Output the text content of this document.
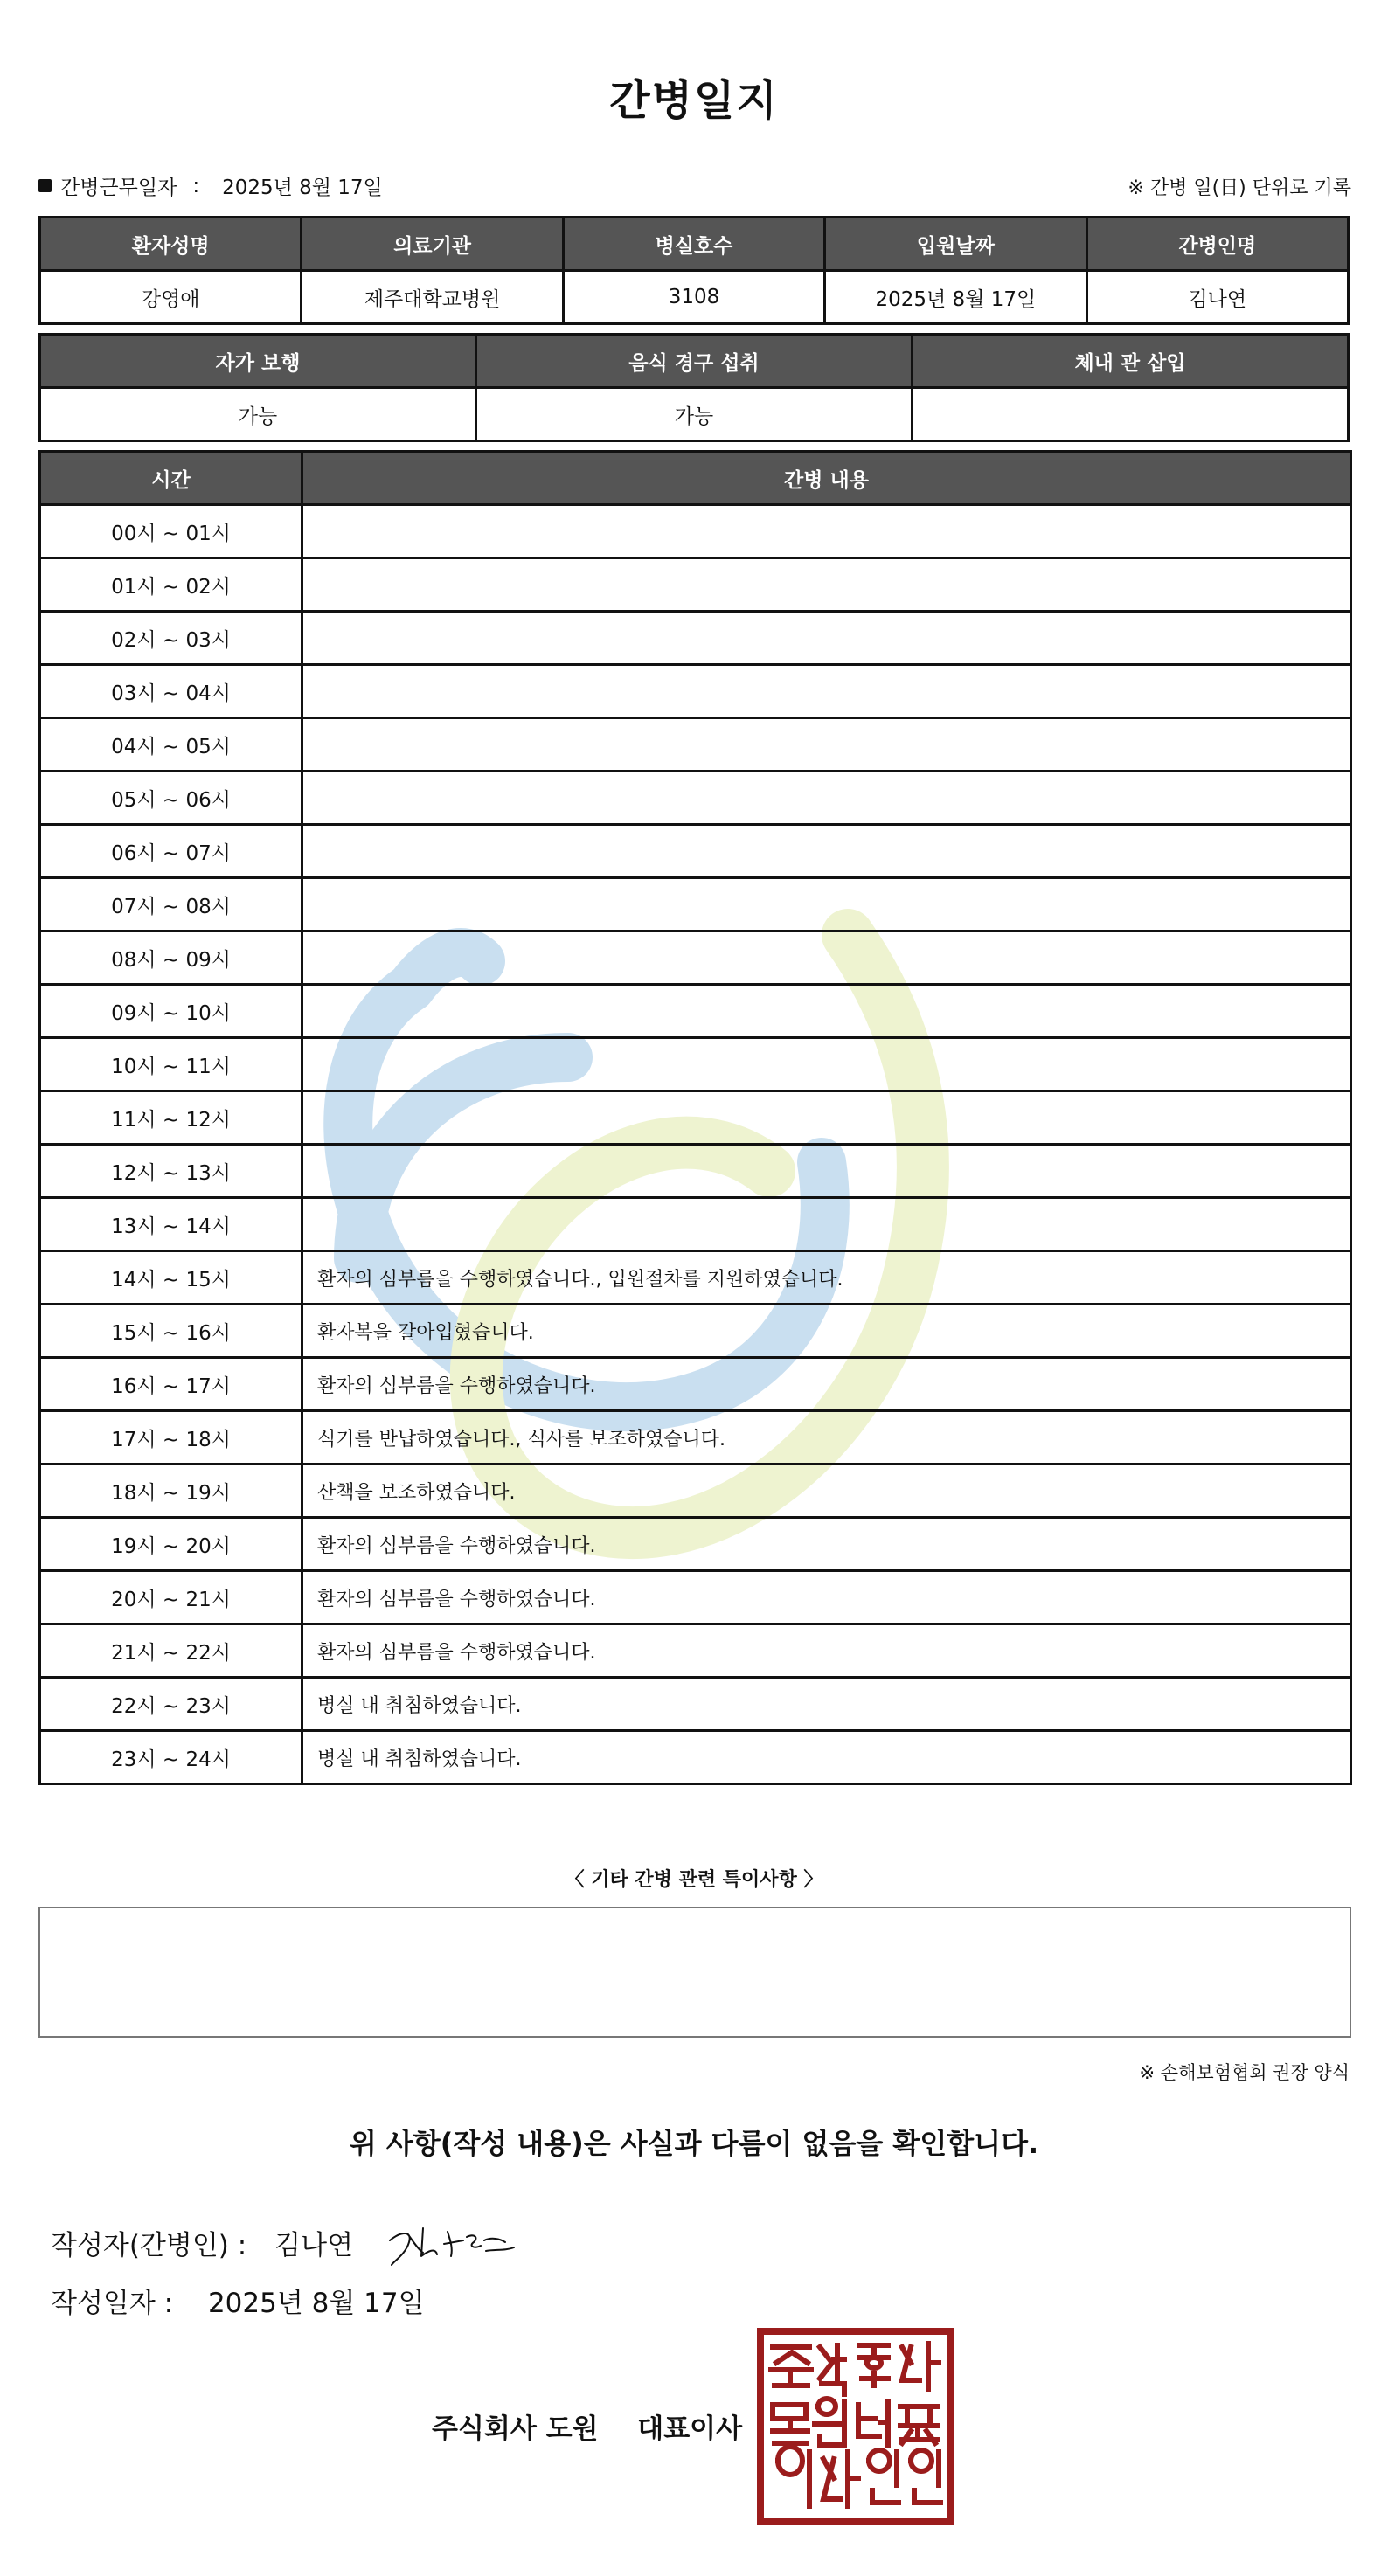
간병일지
간병근무일자 : 2025년 8월 17일	※ 간병 일(日) 단위로 기록
환자성명	의료기관	병실호수	입원날짜	간병인명
강영애	제주대학교병원	3108	2025년 8월 17일	김나연
자가 보행	음식 경구 섭취	체내 관 삽입
가능	가능	
시간	간병 내용
00시 ~ 01시	
01시 ~ 02시	
02시 ~ 03시	
03시 ~ 04시	
04시 ~ 05시	
05시 ~ 06시	
06시 ~ 07시	
07시 ~ 08시	
08시 ~ 09시	
09시 ~ 10시	
10시 ~ 11시	
11시 ~ 12시	
12시 ~ 13시	
13시 ~ 14시	
14시 ~ 15시	환자의 심부름을 수행하였습니다., 입원절차를 지원하였습니다.
15시 ~ 16시	환자복을 갈아입혔습니다.
16시 ~ 17시	환자의 심부름을 수행하였습니다.
17시 ~ 18시	식기를 반납하였습니다., 식사를 보조하였습니다.
18시 ~ 19시	산책을 보조하였습니다.
19시 ~ 20시	환자의 심부름을 수행하였습니다.
20시 ~ 21시	환자의 심부름을 수행하였습니다.
21시 ~ 22시	환자의 심부름을 수행하였습니다.
22시 ~ 23시	병실 내 취침하였습니다.
23시 ~ 24시	병실 내 취침하였습니다.
〈 기타 간병 관련 특이사항 〉
※ 손해보험협회 권장 양식
위 사항(작성 내용)은 사실과 다름이 없음을 확인합니다.
작성자(간병인) : 김나연
작성일자 : 2025년 8월 17일
주식회사 도원 대표이사
